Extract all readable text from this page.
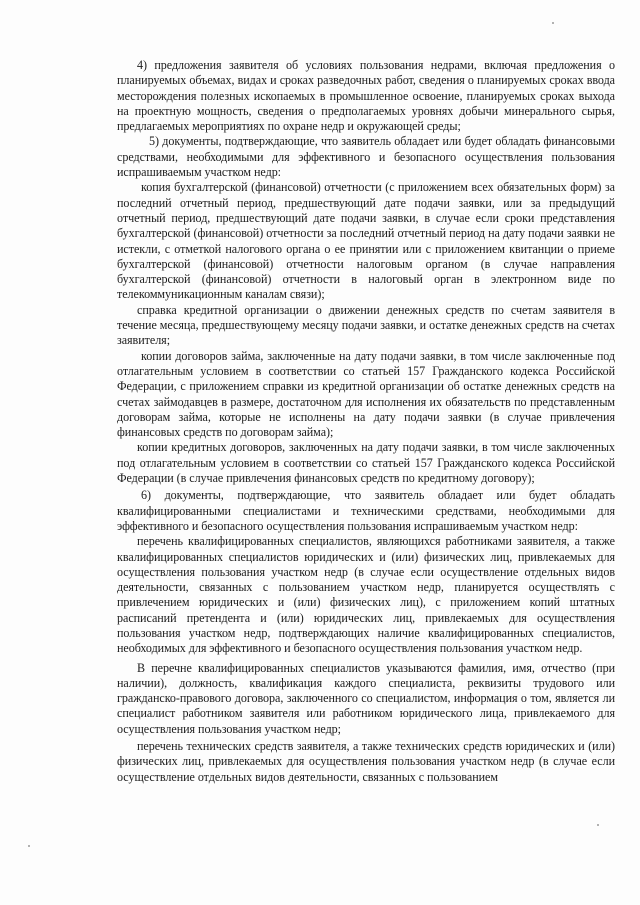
4) предложения заявителя об условиях пользования недрами, включая предложения о планируемых объемах, видах и сроках разведочных работ, сведения о планируемых сроках ввода месторождения полезных ископаемых в промышленное освоение, планируемых сроках выхода на проектную мощность, сведения о предполагаемых уровнях добычи минерального сырья, предлагаемых мероприятиях по охране недр и окружающей среды;

5) документы, подтверждающие, что заявитель обладает или будет обладать финансовыми средствами, необходимыми для эффективного и безопасного осуществления пользования испрашиваемым участком недр:

копия бухгалтерской (финансовой) отчетности (с приложением всех обязательных форм) за последний отчетный период, предшествующий дате подачи заявки, или за предыдущий отчетный период, предшествующий дате подачи заявки, в случае если сроки представления бухгалтерской (финансовой) отчетности за последний отчетный период на дату подачи заявки не истекли, с отметкой налогового органа о ее принятии или с приложением квитанции о приеме бухгалтерской (финансовой) отчетности налоговым органом (в случае направления бухгалтерской (финансовой) отчетности в налоговый орган в электронном виде по телекоммуникационным каналам связи);

справка кредитной организации о движении денежных средств по счетам заявителя в течение месяца, предшествующему месяцу подачи заявки, и остатке денежных средств на счетах заявителя;

копии договоров займа, заключенные на дату подачи заявки, в том числе заключенные под отлагательным условием в соответствии со статьей 157 Гражданского кодекса Российской Федерации, с приложением справки из кредитной организации об остатке денежных средств на счетах займодавцев в размере, достаточном для исполнения их обязательств по представленным договорам займа, которые не исполнены на дату подачи заявки (в случае привлечения финансовых средств по договорам займа);

копии кредитных договоров, заключенных на дату подачи заявки, в том числе заключенных под отлагательным условием в соответствии со статьей 157 Гражданского кодекса Российской Федерации (в случае привлечения финансовых средств по кредитному договору);

6) документы, подтверждающие, что заявитель обладает или будет обладать квалифицированными специалистами и техническими средствами, необходимыми для эффективного и безопасного осуществления пользования испрашиваемым участком недр:

перечень квалифицированных специалистов, являющихся работниками заявителя, а также квалифицированных специалистов юридических и (или) физических лиц, привлекаемых для осуществления пользования участком недр (в случае если осуществление отдельных видов деятельности, связанных с пользованием участком недр, планируется осуществлять с привлечением юридических и (или) физических лиц), с приложением копий штатных расписаний претендента и (или) юридических лиц, привлекаемых для осуществления пользования участком недр, подтверждающих наличие квалифицированных специалистов, необходимых для эффективного и безопасного осуществления пользования участком недр.

В перечне квалифицированных специалистов указываются фамилия, имя, отчество (при наличии), должность, квалификация каждого специалиста, реквизиты трудового или гражданско-правового договора, заключенного со специалистом, информация о том, является ли специалист работником заявителя или работником юридического лица, привлекаемого для осуществления пользования участком недр;

перечень технических средств заявителя, а также технических средств юридических и (или) физических лиц, привлекаемых для осуществления пользования участком недр (в случае если осуществление отдельных видов деятельности, связанных с пользованием
